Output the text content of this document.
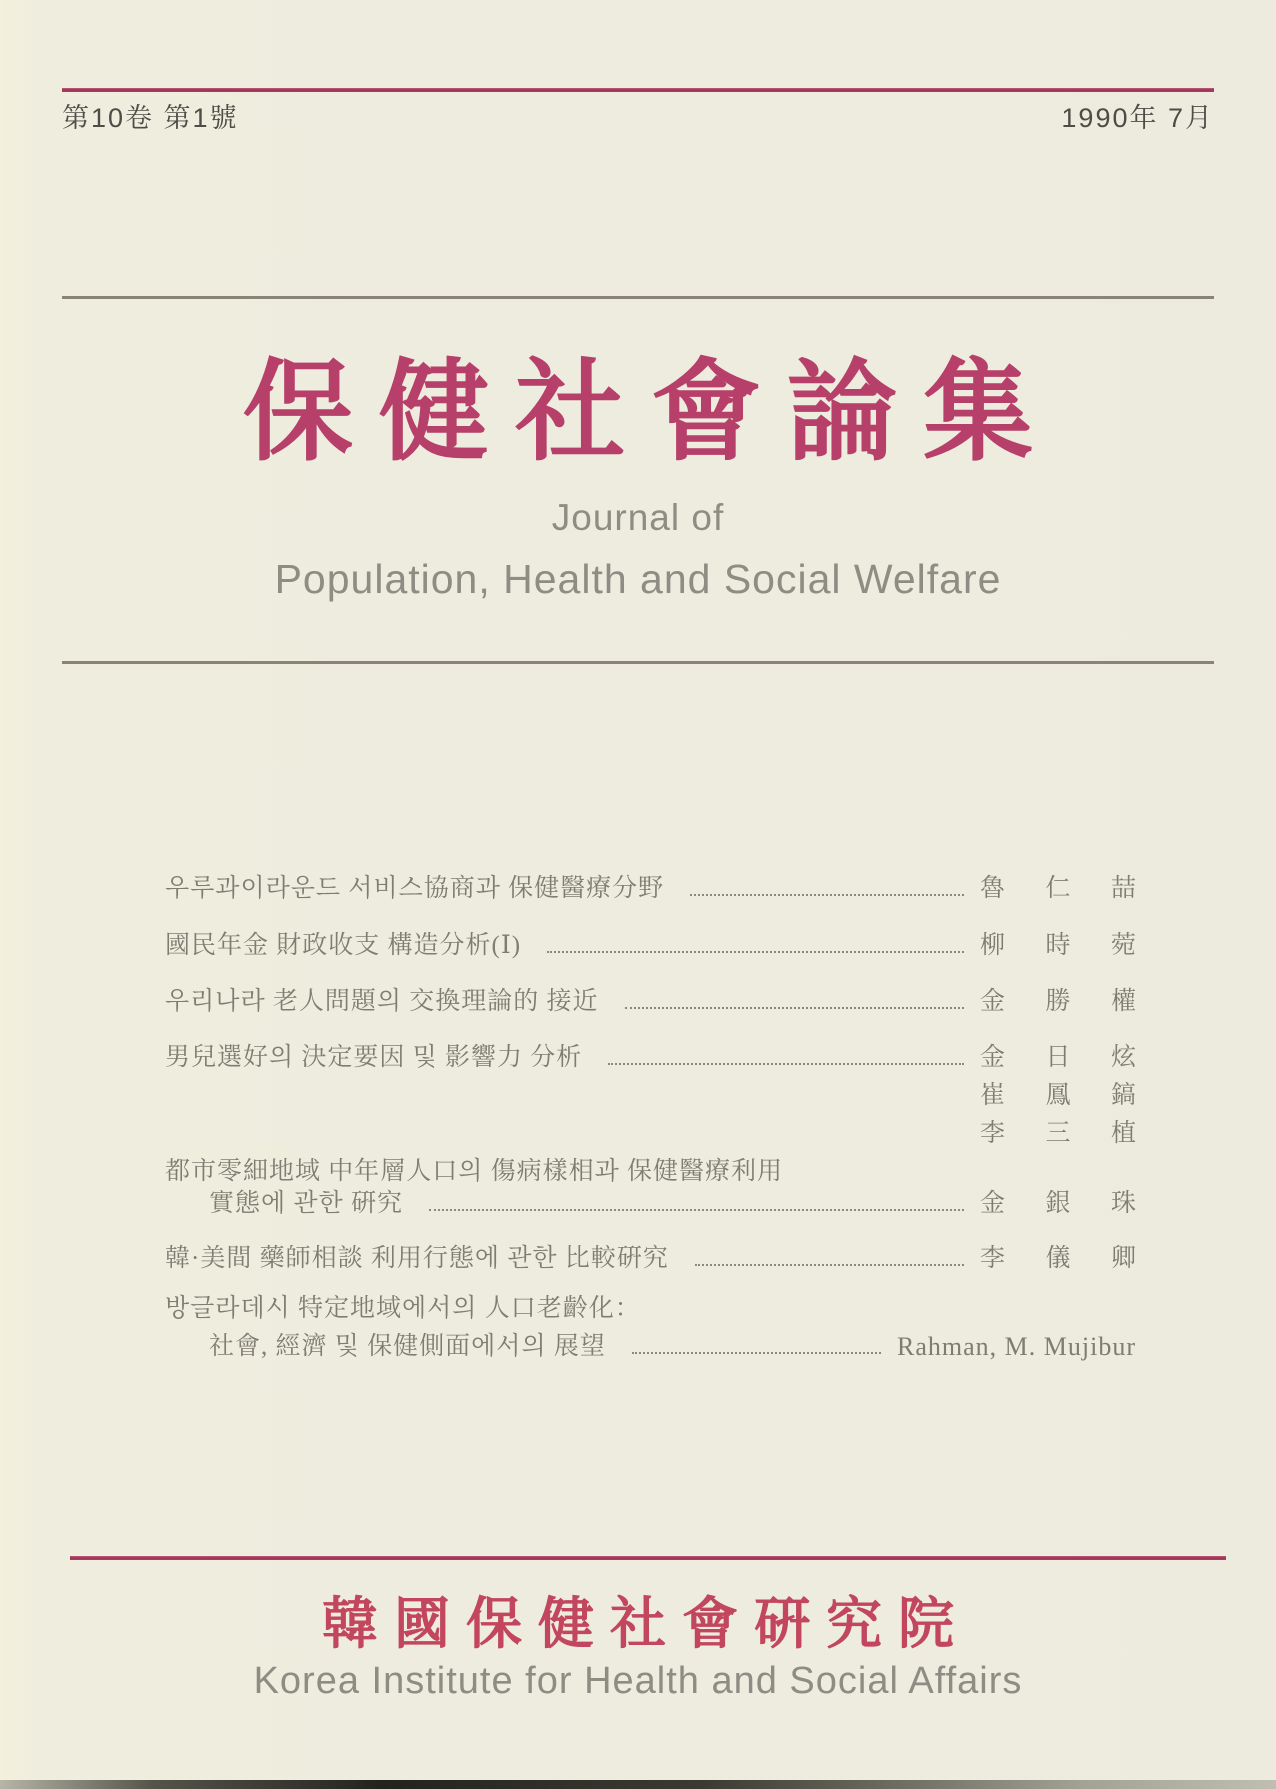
第10卷 第1號	1990年 7月
保健社會論集
Journal of
Population, Health and Social Welfare
우루과이라운드 서비스協商과 保健醫療分野	魯 仁 喆
國民年金 財政收支 構造分析(Ⅰ)	柳 時 菀
우리나라 老人問題의 交換理論的 接近	金 勝 權
男兒選好의 決定要因 및 影響力 分析	金 日 炫
崔 鳳 鎬
李 三 植
都市零細地域 中年層人口의 傷病樣相과 保健醫療利用
實態에 관한 硏究	金 銀 珠
韓·美間 藥師相談 利用行態에 관한 比較硏究	李 儀 卿
방글라데시 特定地域에서의 人口老齡化：
社會, 經濟 및 保健側面에서의 展望	Rahman, M. Mujibur
韓國保健社會硏究院
Korea Institute for Health and Social Affairs
